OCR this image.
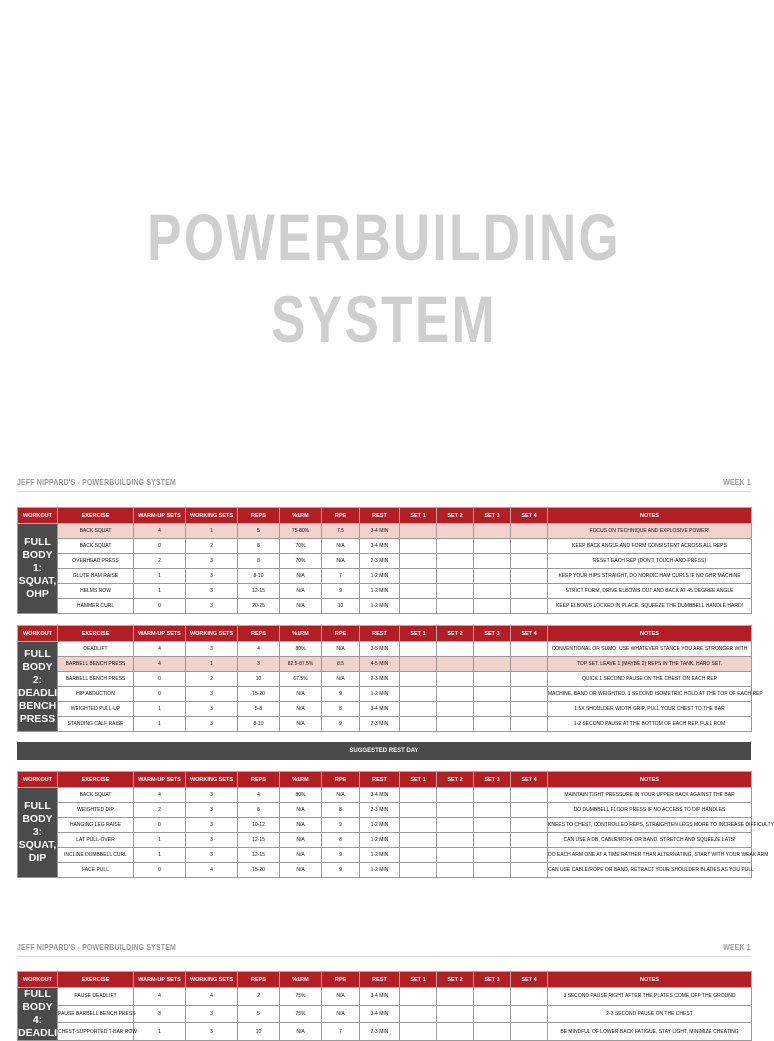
POWERBUILDING
SYSTEM
JEFF NIPPARD'S - POWERBUILDING SYSTEM	WEEK 1
JEFF NIPPARD'S - POWERBUILDING SYSTEM	WEEK 1
SUGGESTED REST DAY
WORKOUT	EXERCISE	WARM-UP SETS	WORKING SETS	REPS	%1RM	RPE	REST	SET 1	SET 2	SET 3	SET 4	NOTES
FULL BODY 1: SQUAT, OHP	BACK SQUAT	4	1	5	75-80%	7.5	3-4 MIN					FOCUS ON TECHNIQUE AND EXPLOSIVE POWER!
	BACK SQUAT	0	2	8	70%	N/A	3-4 MIN					KEEP BACK ANGLE AND FORM CONSISTENT ACROSS ALL REPS
	OVERHEAD PRESS	2	3	8	70%	N/A	2-3 MIN					RESET EACH REP (DON'T TOUCH-AND-PRESS)
	GLUTE HAM RAISE	1	3	8-10	N/A	7	1-2 MIN					KEEP YOUR HIPS STRAIGHT, DO NORDIC HAM CURLS IF NO GHR MACHINE
	HELMS ROW	1	3	12-15	N/A	9	1-2 MIN					STRICT FORM, DRIVE ELBOWS OUT AND BACK AT 45 DEGREE ANGLE
	HAMMER CURL	0	3	20-25	N/A	10	1-2 MIN					KEEP ELBOWS LOCKED IN PLACE, SQUEEZE THE DUMBBELL HANDLE HARD!
WORKOUT	EXERCISE	WARM-UP SETS	WORKING SETS	REPS	%1RM	RPE	REST	SET 1	SET 2	SET 3	SET 4	NOTES
FULL BODY 2: DEADLIFT, BENCH PRESS	DEADLIFT	4	3	4	80%	N/A	3-5 MIN					CONVENTIONAL OR SUMO: USE WHATEVER STANCE YOU ARE STRONGER WITH
	BARBELL BENCH PRESS	4	1	3	82.5-87.5%	8.5	4-5 MIN					TOP SET. LEAVE 1 (MAYBE 2) REPS IN THE TANK. HARD SET.
	BARBELL BENCH PRESS	0	2	10	67.5%	N/A	2-3 MIN					QUICK 1 SECOND PAUSE ON THE CHEST ON EACH REP
	HIP ABDUCTION	0	3	15-20	N/A	9	1-2 MIN					MACHINE, BAND OR WEIGHTED. 1 SECOND ISOMETRIC HOLD AT THE TOP OF EACH REP
	WEIGHTED PULL-UP	1	3	5-8	N/A	8	3-4 MIN					1.5X SHOULDER WIDTH GRIP, PULL YOUR CHEST TO THE BAR
	STANDING CALF RAISE	1	3	8-10	N/A	9	2-3 MIN					1-2 SECOND PAUSE AT THE BOTTOM OF EACH REP, FULL ROM
WORKOUT	EXERCISE	WARM-UP SETS	WORKING SETS	REPS	%1RM	RPE	REST	SET 1	SET 2	SET 3	SET 4	NOTES
FULL BODY 3: SQUAT, DIP	BACK SQUAT	4	3	4	80%	N/A	3-4 MIN					MAINTAIN TIGHT PRESSURE IN YOUR UPPER BACK AGAINST THE BAR
	WEIGHTED DIP	2	3	8	N/A	8	2-3 MIN					DO DUMBBELL FLOOR PRESS IF NO ACCESS TO DIP HANDLES
	HANGING LEG RAISE	0	3	10-12	N/A	9	1-2 MIN					KNEES TO CHEST, CONTROLLED REPS, STRAIGHTEN LEGS MORE TO INCREASE DIFFICULTY
	LAT PULL-OVER	1	3	12-15	N/A	8	1-2 MIN					CAN USE A DB, CABLE/ROPE OR BAND. STRETCH AND SQUEEZE LATS!
	INCLINE DUMBBELL CURL	1	3	12-15	N/A	9	1-2 MIN					DO EACH ARM ONE AT A TIME RATHER THAN ALTERNATING, START WITH YOUR WEAK ARM
	FACE PULL	0	4	15-20	N/A	9	1-2 MIN					CAN USE CABLE/ROPE OR BAND, RETRACT YOUR SHOULDER BLADES AS YOU PULL
WORKOUT	EXERCISE	WARM-UP SETS	WORKING SETS	REPS	%1RM	RPE	REST	SET 1	SET 2	SET 3	SET 4	NOTES
FULL BODY 4: DEADLIFT	PAUSE DEADLIFT	4	4	2	75%	N/A	3-4 MIN					3 SECOND PAUSE RIGHT AFTER THE PLATES COME OFF THE GROUND
	PAUSE BARBELL BENCH PRESS	3	3	5	75%	N/A	3-4 MIN					2-3 SECOND PAUSE ON THE CHEST
	CHEST-SUPPORTED T-BAR ROW	1	3	10	N/A	7	2-3 MIN					BE MINDFUL OF LOWER BACK FATIGUE, STAY LIGHT, MINIMIZE CHEATING
